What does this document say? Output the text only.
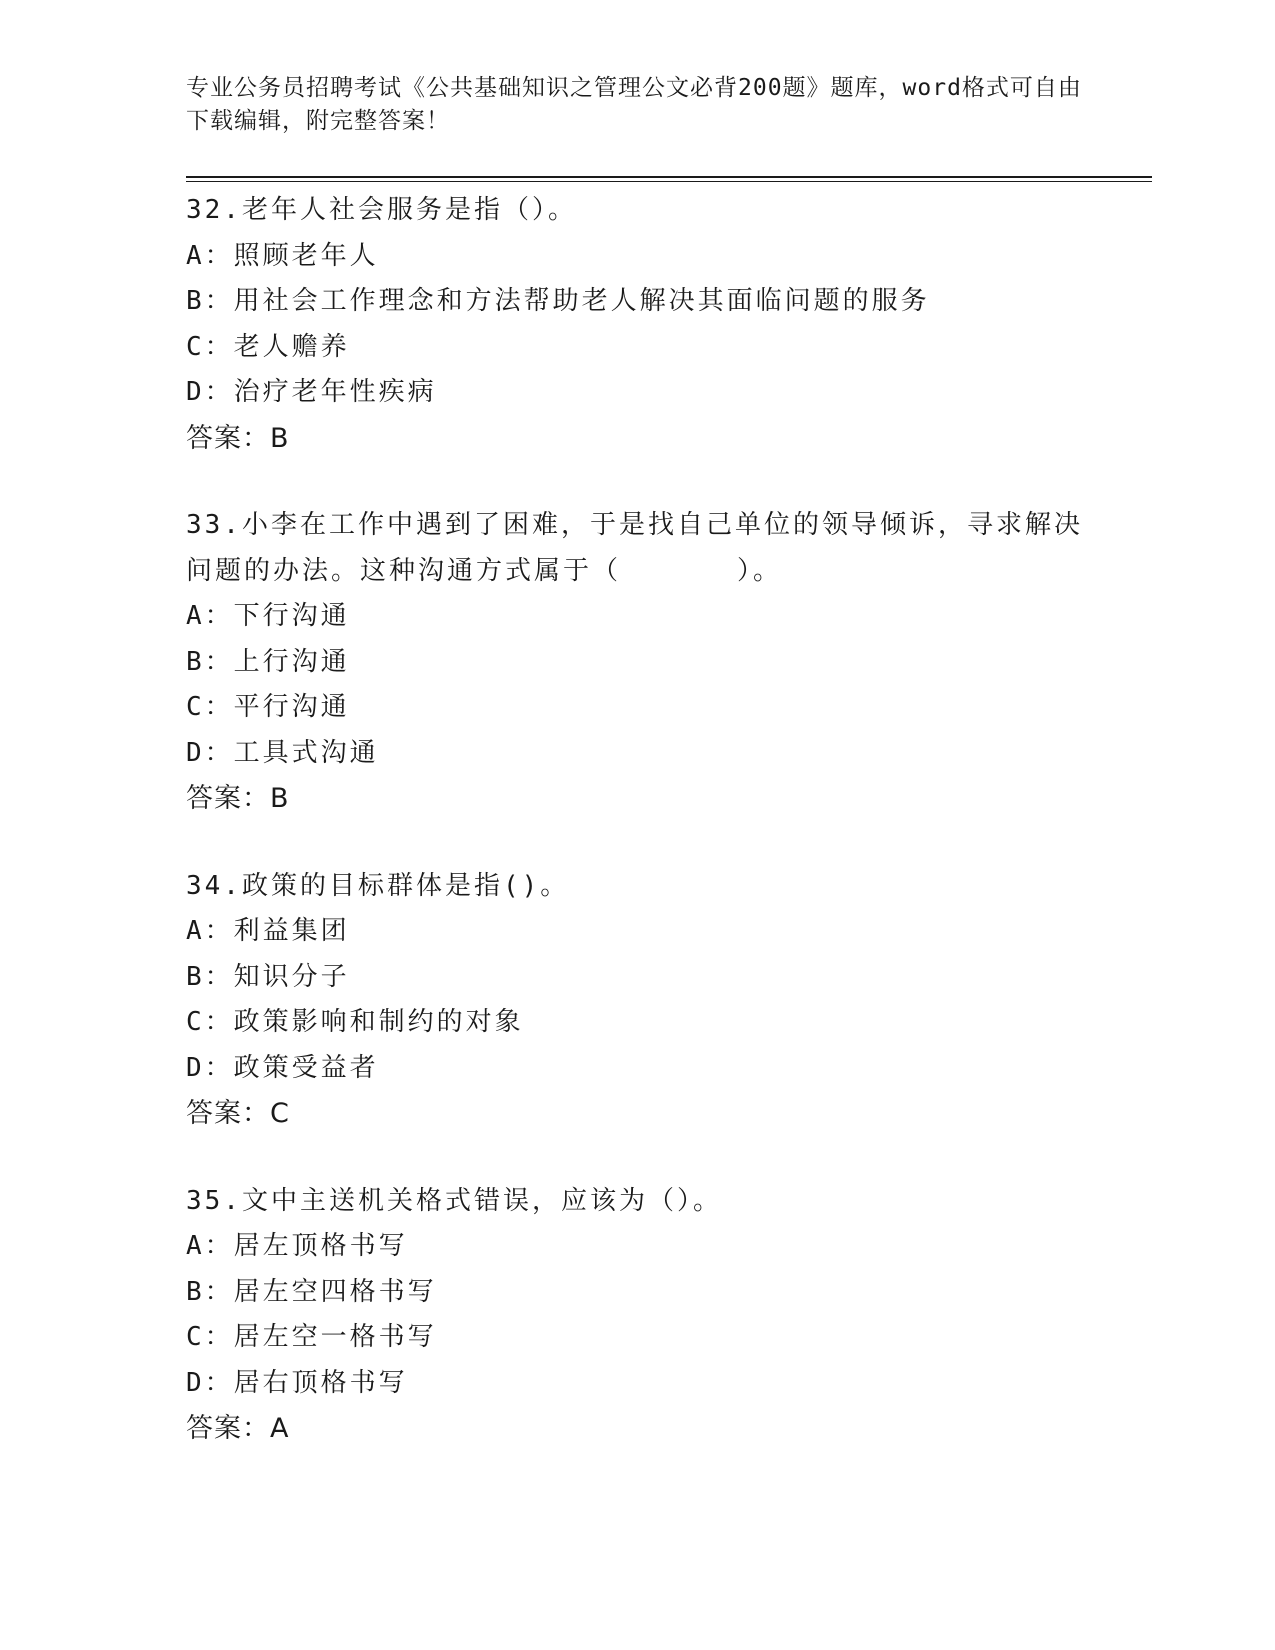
专业公务员招聘考试《公共基础知识之管理公文必背200题》题库，word格式可自由下载编辑，附完整答案！
32.老年人社会服务是指（）。
A：照顾老年人
B：用社会工作理念和方法帮助老人解决其面临问题的服务
C：老人赡养
D：治疗老年性疾病
答案：B
33.小李在工作中遇到了困难，于是找自己单位的领导倾诉，寻求解决问题的办法。这种沟通方式属于（　　　　）。
A：下行沟通
B：上行沟通
C：平行沟通
D：工具式沟通
答案：B
34.政策的目标群体是指()。
A：利益集团
B：知识分子
C：政策影响和制约的对象
D：政策受益者
答案：C
35.文中主送机关格式错误，应该为（）。
A：居左顶格书写
B：居左空四格书写
C：居左空一格书写
D：居右顶格书写
答案：A
